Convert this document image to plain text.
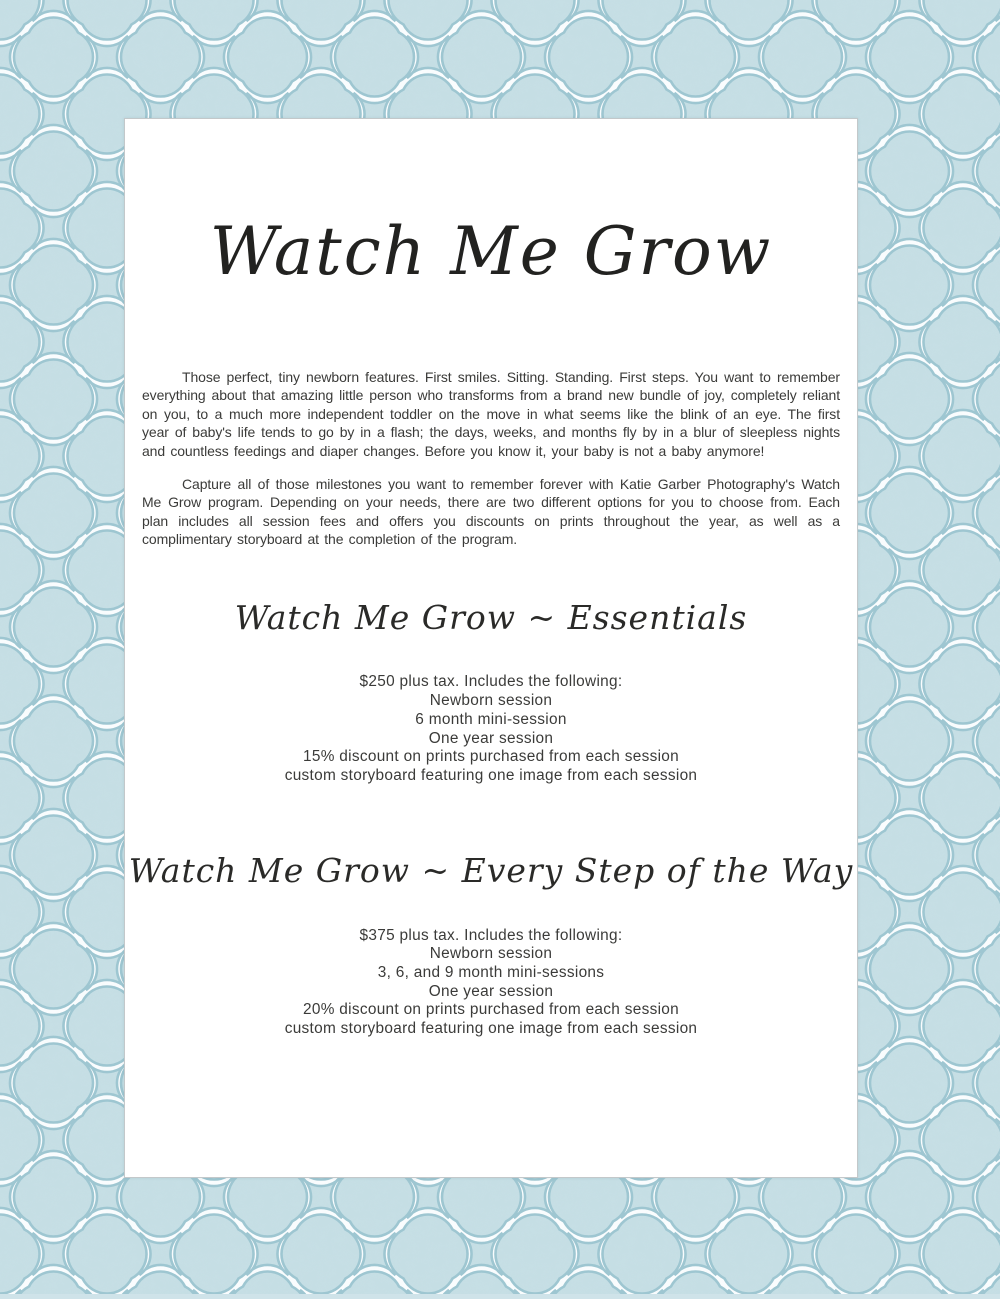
Watch Me Grow

Those perfect, tiny newborn features. First smiles. Sitting. Standing. First steps. You want to remember everything about that amazing little person who transforms from a brand new bundle of joy, completely reliant on you, to a much more independent toddler on the move in what seems like the blink of an eye. The first year of baby's life tends to go by in a flash; the days, weeks, and months fly by in a blur of sleepless nights and countless feedings and diaper changes. Before you know it, your baby is not a baby anymore!

Capture all of those milestones you want to remember forever with Katie Garber Photography's Watch Me Grow program. Depending on your needs, there are two different options for you to choose from. Each plan includes all session fees and offers you discounts on prints throughout the year, as well as a complimentary storyboard at the completion of the program.

Watch Me Grow ~ Essentials
$250 plus tax. Includes the following:
Newborn session
6 month mini-session
One year session
15% discount on prints purchased from each session
custom storyboard featuring one image from each session
Watch Me Grow ~ Every Step of the Way
$375 plus tax. Includes the following:
Newborn session
3, 6, and 9 month mini-sessions
One year session
20% discount on prints purchased from each session
custom storyboard featuring one image from each session
